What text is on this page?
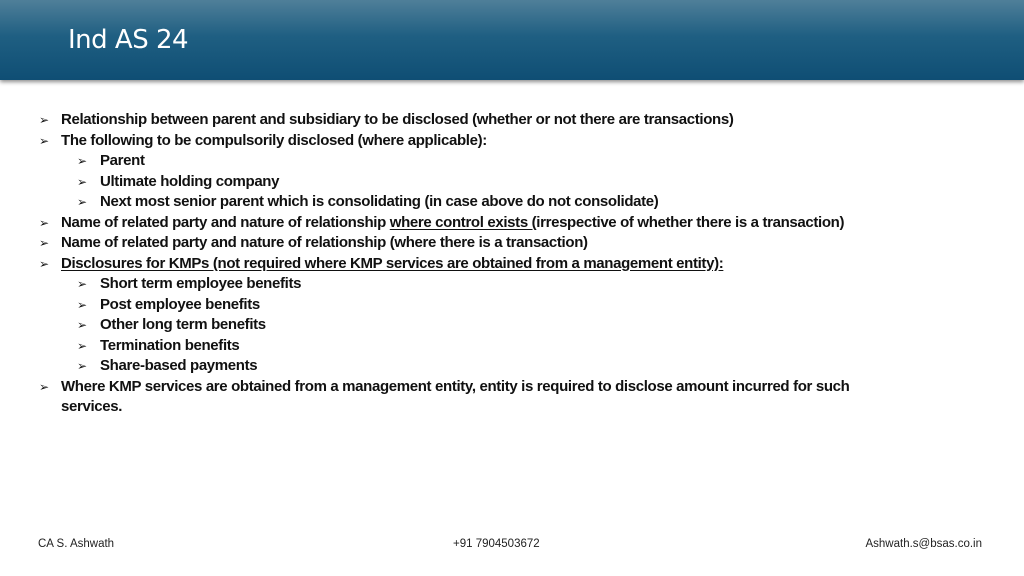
Ind AS 24
➢ Relationship between parent and subsidiary to be disclosed (whether or not there are transactions)
➢ The following to be compulsorily disclosed (where applicable):
➢ Parent
➢ Ultimate holding company
➢ Next most senior parent which is consolidating (in case above do not consolidate)
➢ Name of related party and nature of relationship where control exists (irrespective of whether there is a transaction)
➢ Name of related party and nature of relationship (where there is a transaction)
➢ Disclosures for KMPs (not required where KMP services are obtained from a management entity):
➢ Short term employee benefits
➢ Post employee benefits
➢ Other long term benefits
➢ Termination benefits
➢ Share-based payments
➢ Where KMP services are obtained from a management entity, entity is required to disclose amount incurred for such
services.
CA S. Ashwath	+91 7904503672	Ashwath.s@bsas.co.in
